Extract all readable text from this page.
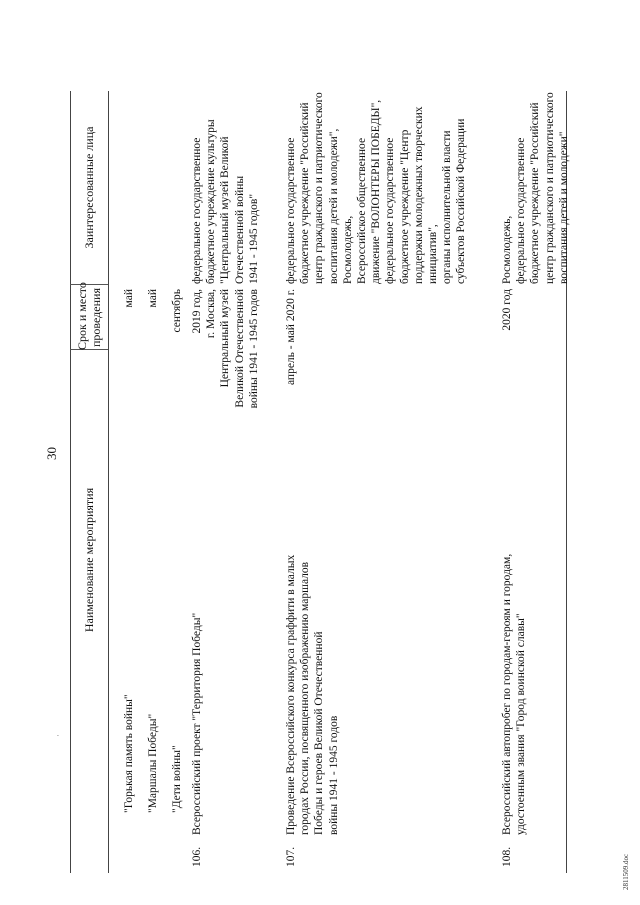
30
·
Наименование мероприятия
Срок и место проведения
Заинтересованные лица
"Горькая память войны"
май
"Маршалы Победы"
май
"Дети войны"
сентябрь
106.
Всероссийский проект "Территория Победы"
2019 год, г. Москва, Центральный музей Великой Отечественной войны 1941 - 1945 годов
федеральное государственное бюджетное учреждение культуры "Центральный музей Великой Отечественной войны 1941 - 1945 годов"
107.
Проведение Всероссийского конкурса граффити в малых городах России, посвященного изображению маршалов Победы и героев Великой Отечественной войны 1941 - 1945 годов
апрель - май 2020 г.
федеральное государственное бюджетное учреждение "Российский центр гражданского и патриотического воспитания детей и молодежи", Росмолодежь, Всероссийское общественное движение "ВОЛОНТЕРЫ ПОБЕДЫ", федеральное государственное бюджетное учреждение "Центр поддержки молодежных творческих инициатив", органы исполнительной власти субъектов Российской Федерации
108.
Всероссийский автопробег по городам-героям и городам, удостоенным звания "Город воинской славы"
2020 год
Росмолодежь, федеральное государственное бюджетное учреждение "Российский центр гражданского и патриотического воспитания детей и молодежи"
2811509.doc
